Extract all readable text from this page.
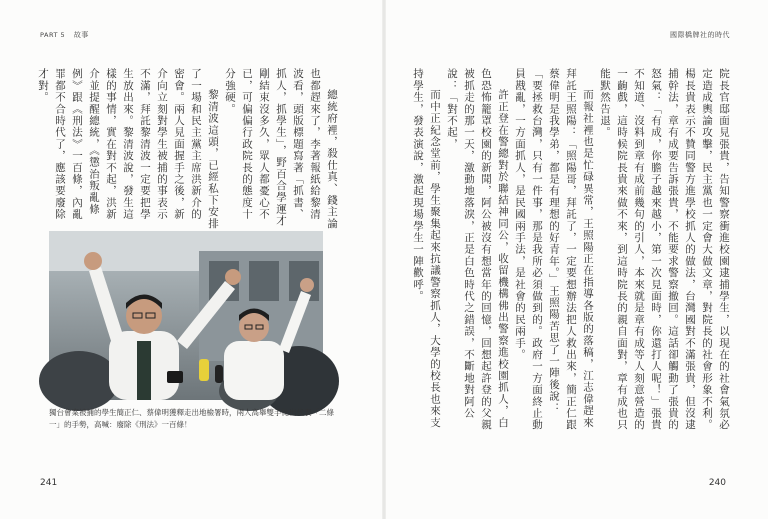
PART 5 故事	國際橋牌社的時代

院長官邸面見張貴，告知警察衝進校園逮捕學生，以現在的社會氣氛必定造成輿論攻擊，民主黨也一定會大做文章，對院長的社會形象不利。楊長貴表示不贊同警方進學校抓人的做法，台灣國對不滿張貴，但沒逮捕幹法，章有成要告訴張貴，不能要求警察撤回。這話卻觸動了張貴的怒氣：「有成，你膽子越來越小，第一次見面時，你還打人呢！」張貴不知道、沒料到章有成前幾句的引人，本來就是章有成等人刻意營造的一齣戲，這時候院長貴來做不來，到這時院長的親自面對，章有成也只能默然告退。

而報社裡也是忙碌異常，王照陽正在指導各版的落稿，江志偉趕來拜託王照陽：「照陽哥，拜託了，一定要想辦法把人救出來，簡正仁跟蔡偉明是我學弟，都是有理想的好青年。」王照陽苦思了一陣後說：「要拯救台灣，只有一件事，那是我所必須做到的。政府一方面終止動員戡亂，一方面抓人，是民國兩手法，是社會的民兩手。

許正登在警總對於聯結神同公，收留機構佛出警察進校園抓人，白色恐怖籠罩校園的新聞，阿公被沒有想當年的回憶，回想起許登的父親被抓走的那一天，激動地落淚，正是白色時代之錯誤，不斷地對阿公說：「對不起，

而中正紀念堂前，學生聚集起來抗議警察抓人，大學的校長也來支持學生，發表演說，激起現場學生一陣歡呼。

總統府裡，殺仕真、錢主論也都趕來了，李著報紙給黎清波看，頭版標題寫著「抓書、抓人，抓學生」，野百合學運才剛結束沒多久，眾人都憂心不已，可偏偏行政院長的態度十分強硬。

黎清波這頭，已經私下安排了一場和民主黨主席洪新介的密會。兩人見面握手之後，新介向立刻對學生被捕的事表示不滿，拜託黎清波一定要把學生放出來。黎清波說，發生這樣的事情，實在對不起，洪新介並提醒總統，《懲治叛亂條例》跟《刑法》一百條，內亂罪都不合時代了，應該要廢除才對。

獨台會案被捕的學生簡正仁、蔡偉明獲釋走出地檢署時，兩人高舉雙手比出代表「二條一」的手勢，高喊：廢除《刑法》一百條！
241	240
